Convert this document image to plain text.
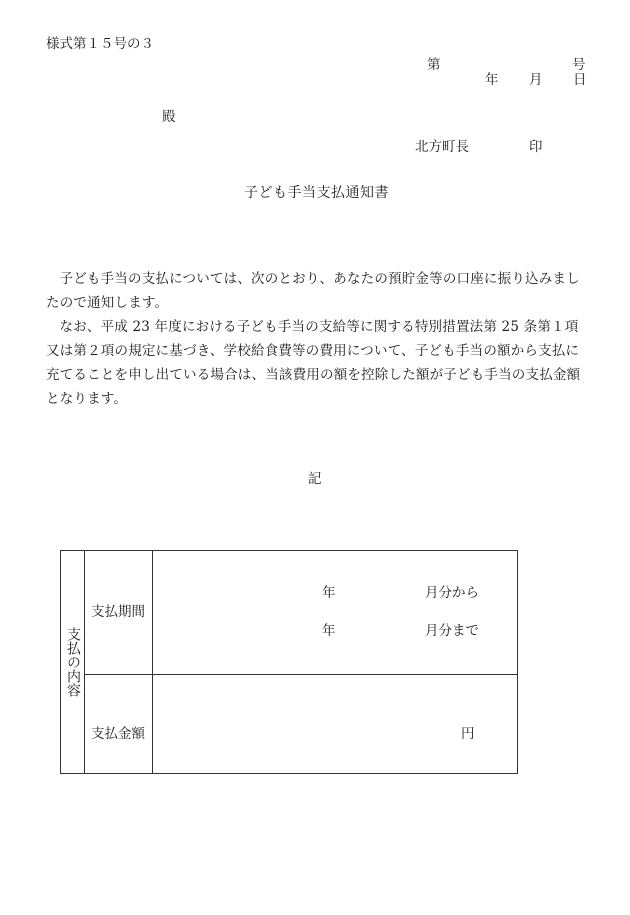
様式第１５号の３
第	号
年 月 日
殿
北方町長	印
子ども手当支払通知書

子ども手当の支払については、次のとおり、あなたの預貯金等の口座に振り込みましたので通知します。

なお、平成 23 年度における子ども手当の支給等に関する特別措置法第 25 条第１項又は第２項の規定に基づき、学校給食費等の費用について、子ども手当の額から支払に充てることを申し出ている場合は、当該費用の額を控除した額が子ども手当の支払金額となります。

記
支払の内容
支払期間
年	月分から
年	月分まで
支払金額	円
